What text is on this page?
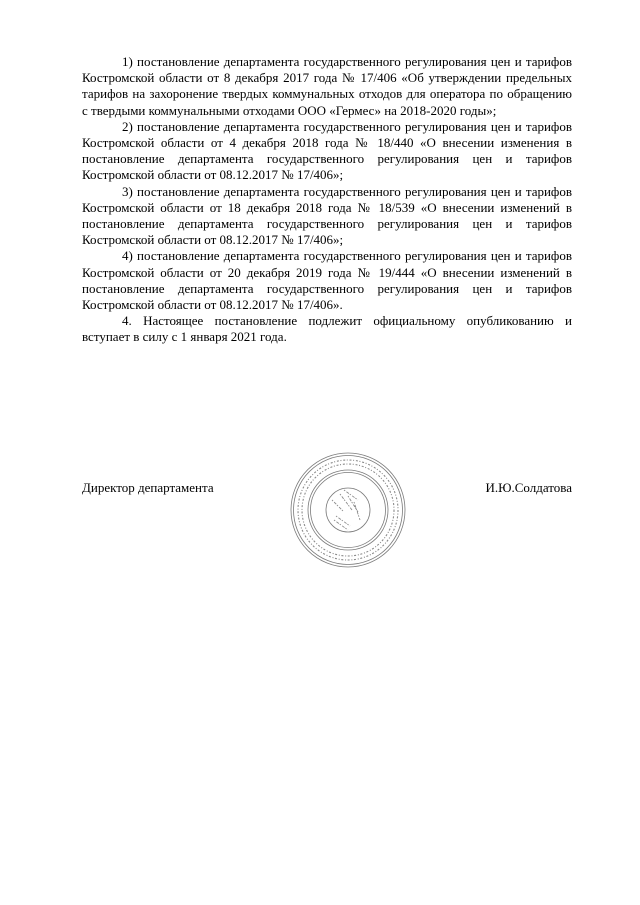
1) постановление департамента государственного регулирования цен и тарифов Костромской области от 8 декабря 2017 года № 17/406 «Об утверждении предельных тарифов на захоронение твердых коммунальных отходов для оператора по обращению с твердыми коммунальными отходами ООО «Гермес» на 2018-2020 годы»;

2) постановление департамента государственного регулирования цен и тарифов Костромской области от 4 декабря 2018 года № 18/440 «О внесении изменения в постановление департамента государственного регулирования цен и тарифов Костромской области от 08.12.2017 № 17/406»;

3) постановление департамента государственного регулирования цен и тарифов Костромской области от 18 декабря 2018 года № 18/539 «О внесении изменений в постановление департамента государственного регулирования цен и тарифов Костромской области от 08.12.2017 № 17/406»;

4) постановление департамента государственного регулирования цен и тарифов Костромской области от 20 декабря 2019 года № 19/444 «О внесении изменений в постановление департамента государственного регулирования цен и тарифов Костромской области от 08.12.2017 № 17/406».

4. Настоящее постановление подлежит официальному опубликованию и вступает в силу с 1 января 2021 года.

Директор департамента	И.Ю.Солдатова
